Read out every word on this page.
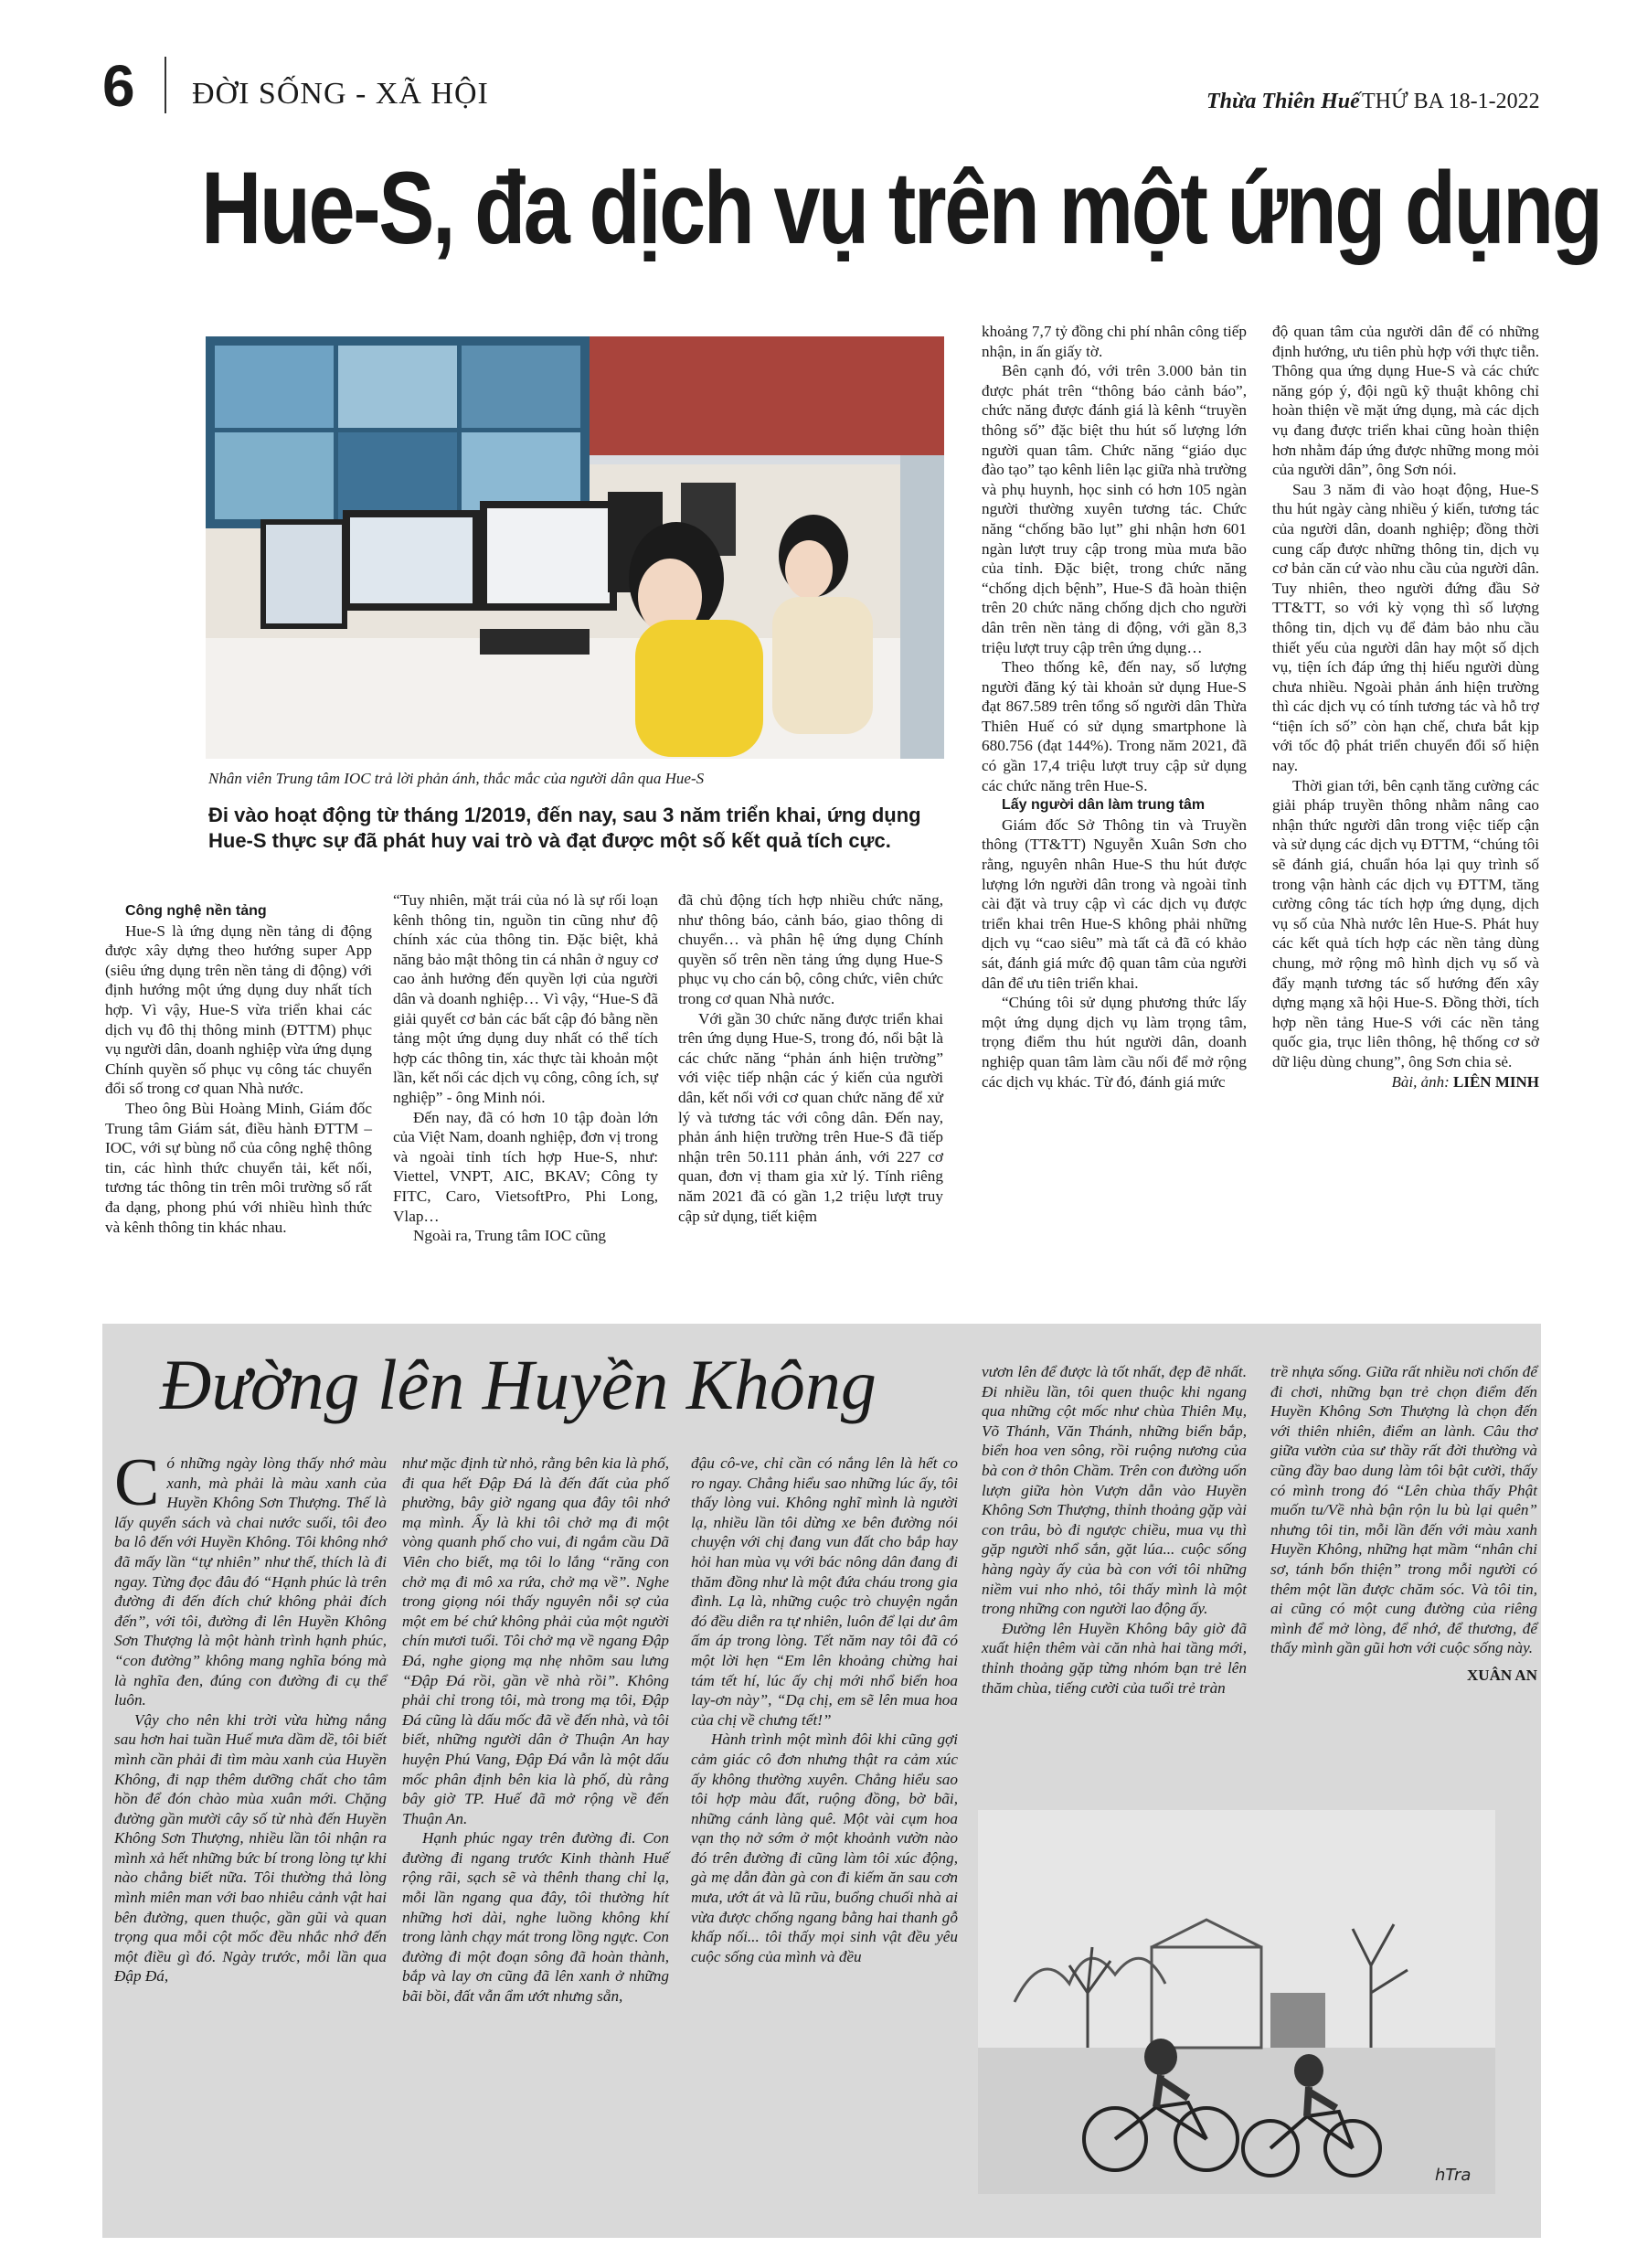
6 ĐỜI SỐNG - XÃ HỘI	Thừa Thiên Huế THỨ BA 18-1-2022
Hue-S, đa dịch vụ trên một ứng dụng
Nhân viên Trung tâm IOC trả lời phản ánh, thắc mắc của người dân qua Hue-S
Đi vào hoạt động từ tháng 1/2019, đến nay, sau 3 năm triển khai, ứng dụng Hue-S thực sự đã phát huy vai trò và đạt được một số kết quả tích cực.

Công nghệ nền tảng

Hue-S là ứng dụng nền tảng di động được xây dựng theo hướng super App (siêu ứng dụng trên nền tảng di động) với định hướng một ứng dụng duy nhất tích hợp. Vì vậy, Hue-S vừa triển khai các dịch vụ đô thị thông minh (ĐTTM) phục vụ người dân, doanh nghiệp vừa ứng dụng Chính quyền số phục vụ công tác chuyển đổi số trong cơ quan Nhà nước.

Theo ông Bùi Hoàng Minh, Giám đốc Trung tâm Giám sát, điều hành ĐTTM – IOC, với sự bùng nổ của công nghệ thông tin, các hình thức chuyển tải, kết nối, tương tác thông tin trên môi trường số rất đa dạng, phong phú với nhiều hình thức và kênh thông tin khác nhau.

“Tuy nhiên, mặt trái của nó là sự rối loạn kênh thông tin, nguồn tin cũng như độ chính xác của thông tin. Đặc biệt, khả năng bảo mật thông tin cá nhân ở nguy cơ cao ảnh hưởng đến quyền lợi của người dân và doanh nghiệp… Vì vậy, “Hue-S đã giải quyết cơ bản các bất cập đó bằng nền tảng một ứng dụng duy nhất có thể tích hợp các thông tin, xác thực tài khoản một lần, kết nối các dịch vụ công, công ích, sự nghiệp” - ông Minh nói.

Đến nay, đã có hơn 10 tập đoàn lớn của Việt Nam, doanh nghiệp, đơn vị trong và ngoài tỉnh tích hợp Hue-S, như: Viettel, VNPT, AIC, BKAV; Công ty FITC, Caro, VietsoftPro, Phi Long, Vlap…

Ngoài ra, Trung tâm IOC cũng

đã chủ động tích hợp nhiều chức năng, như thông báo, cảnh báo, giao thông di chuyển… và phân hệ ứng dụng Chính quyền số trên nền tảng ứng dụng Hue-S phục vụ cho cán bộ, công chức, viên chức trong cơ quan Nhà nước.

Với gần 30 chức năng được triển khai trên ứng dụng Hue-S, trong đó, nổi bật là các chức năng “phản ánh hiện trường” với việc tiếp nhận các ý kiến của người dân, kết nối với cơ quan chức năng để xử lý và tương tác với công dân. Đến nay, phản ánh hiện trường trên Hue-S đã tiếp nhận trên 50.111 phản ánh, với 227 cơ quan, đơn vị tham gia xử lý. Tính riêng năm 2021 đã có gần 1,2 triệu lượt truy cập sử dụng, tiết kiệm

khoảng 7,7 tỷ đồng chi phí nhân công tiếp nhận, in ấn giấy tờ.

Bên cạnh đó, với trên 3.000 bản tin được phát trên “thông báo cảnh báo”, chức năng được đánh giá là kênh “truyền thông số” đặc biệt thu hút số lượng lớn người quan tâm. Chức năng “giáo dục đào tạo” tạo kênh liên lạc giữa nhà trường và phụ huynh, học sinh có hơn 105 ngàn người thường xuyên tương tác. Chức năng “chống bão lụt” ghi nhận hơn 601 ngàn lượt truy cập trong mùa mưa bão của tỉnh. Đặc biệt, trong chức năng “chống dịch bệnh”, Hue-S đã hoàn thiện trên 20 chức năng chống dịch cho người dân trên nền tảng di động, với gần 8,3 triệu lượt truy cập trên ứng dụng…

Theo thống kê, đến nay, số lượng người đăng ký tài khoản sử dụng Hue-S đạt 867.589 trên tổng số người dân Thừa Thiên Huế có sử dụng smartphone là 680.756 (đạt 144%). Trong năm 2021, đã có gần 17,4 triệu lượt truy cập sử dụng các chức năng trên Hue-S.

Lấy người dân làm trung tâm

Giám đốc Sở Thông tin và Truyền thông (TT&TT) Nguyễn Xuân Sơn cho rằng, nguyên nhân Hue-S thu hút được lượng lớn người dân trong và ngoài tỉnh cài đặt và truy cập vì các dịch vụ được triển khai trên Hue-S không phải những dịch vụ “cao siêu” mà tất cả đã có khảo sát, đánh giá mức độ quan tâm của người dân để ưu tiên triển khai.

“Chúng tôi sử dụng phương thức lấy một ứng dụng dịch vụ làm trọng tâm, trọng điểm thu hút người dân, doanh nghiệp quan tâm làm cầu nối để mở rộng các dịch vụ khác. Từ đó, đánh giá mức

độ quan tâm của người dân để có những định hướng, ưu tiên phù hợp với thực tiễn. Thông qua ứng dụng Hue-S và các chức năng góp ý, đội ngũ kỹ thuật không chỉ hoàn thiện về mặt ứng dụng, mà các dịch vụ đang được triển khai cũng hoàn thiện hơn nhằm đáp ứng được những mong mỏi của người dân”, ông Sơn nói.

Sau 3 năm đi vào hoạt động, Hue-S thu hút ngày càng nhiều ý kiến, tương tác của người dân, doanh nghiệp; đồng thời cung cấp được những thông tin, dịch vụ cơ bản căn cứ vào nhu cầu của người dân. Tuy nhiên, theo người đứng đầu Sở TT&TT, so với kỳ vọng thì số lượng thông tin, dịch vụ để đảm bảo nhu cầu thiết yếu của người dân hay một số dịch vụ, tiện ích đáp ứng thị hiếu người dùng chưa nhiều. Ngoài phản ánh hiện trường thì các dịch vụ có tính tương tác và hỗ trợ “tiện ích số” còn hạn chế, chưa bắt kịp với tốc độ phát triển chuyển đổi số hiện nay.

Thời gian tới, bên cạnh tăng cường các giải pháp truyền thông nhằm nâng cao nhận thức người dân trong việc tiếp cận và sử dụng các dịch vụ ĐTTM, “chúng tôi sẽ đánh giá, chuẩn hóa lại quy trình số trong vận hành các dịch vụ ĐTTM, tăng cường công tác tích hợp ứng dụng, dịch vụ số của Nhà nước lên Hue-S. Phát huy các kết quả tích hợp các nền tảng dùng chung, mở rộng mô hình dịch vụ số và đẩy mạnh tương tác số hướng đến xây dựng mạng xã hội Hue-S. Đồng thời, tích hợp nền tảng Hue-S với các nền tảng quốc gia, trục liên thông, hệ thống cơ sở dữ liệu dùng chung”, ông Sơn chia sẻ.

Bài, ảnh: LIÊN MINH
Đường lên Huyền Không

Có những ngày lòng thấy nhớ màu xanh, mà phải là màu xanh của Huyền Không Sơn Thượng. Thế là lấy quyển sách và chai nước suối, tôi đeo ba lô đến với Huyền Không. Tôi không nhớ đã mấy lần “tự nhiên” như thế, thích là đi ngay. Từng đọc đâu đó “Hạnh phúc là trên đường đi đến đích chứ không phải đích đến”, với tôi, đường đi lên Huyền Không Sơn Thượng là một hành trình hạnh phúc, “con đường” không mang nghĩa bóng mà là nghĩa đen, đúng con đường đi cụ thể luôn.

Vậy cho nên khi trời vừa hừng nắng sau hơn hai tuần Huế mưa dầm dề, tôi biết mình cần phải đi tìm màu xanh của Huyền Không, đi nạp thêm dưỡng chất cho tâm hồn để đón chào mùa xuân mới. Chặng đường gần mười cây số từ nhà đến Huyền Không Sơn Thượng, nhiều lần tôi nhận ra mình xả hết những bức bí trong lòng tự khi nào chẳng biết nữa. Tôi thường thả lòng mình miên man với bao nhiêu cảnh vật hai bên đường, quen thuộc, gần gũi và quan trọng qua mỗi cột mốc đều nhắc nhớ đến một điều gì đó. Ngày trước, mỗi lần qua Đập Đá,

như mặc định từ nhỏ, rằng bên kia là phố, đi qua hết Đập Đá là đến đất của phố phường, bây giờ ngang qua đây tôi nhớ mạ mình. Ấy là khi tôi chở mạ đi một vòng quanh phố cho vui, đi ngắm cầu Dã Viên cho biết, mạ tôi lo lắng “răng con chở mạ đi mô xa rứa, chở mạ về”. Nghe trong giọng nói thấy nguyên nỗi sợ của một em bé chứ không phải của một người chín mươi tuổi. Tôi chở mạ về ngang Đập Đá, nghe giọng mạ nhẹ nhõm sau lưng “Đập Đá rồi, gần về nhà rồi”. Không phải chỉ trong tôi, mà trong mạ tôi, Đập Đá cũng là dấu mốc đã về đến nhà, và tôi biết, những người dân ở Thuận An hay huyện Phú Vang, Đập Đá vẫn là một dấu mốc phân định bên kia là phố, dù rằng bây giờ TP. Huế đã mở rộng về đến Thuận An.

Hạnh phúc ngay trên đường đi. Con đường đi ngang trước Kinh thành Huế rộng rãi, sạch sẽ và thênh thang chỉ lạ, mỗi lần ngang qua đây, tôi thường hít những hơi dài, nghe luồng không khí trong lành chạy mát trong lồng ngực. Con đường đi một đoạn sông đã hoàn thành, bắp và lay ơn cũng đã lên xanh ở những bãi bồi, đất vẫn ẩm ướt nhưng sẵn,

đậu cô-ve, chỉ cần có nắng lên là hết co ro ngay. Chẳng hiểu sao những lúc ấy, tôi thấy lòng vui. Không nghĩ mình là người lạ, nhiều lần tôi dừng xe bên đường nói chuyện với chị đang vun đất cho bắp hay hỏi han mùa vụ với bác nông dân đang đi thăm đồng như là một đứa cháu trong gia đình. Lạ là, những cuộc trò chuyện ngắn đó đều diễn ra tự nhiên, luôn để lại dư âm ấm áp trong lòng. Tết năm nay tôi đã có một lời hẹn “Em lên khoảng chừng hai tám tết hí, lúc ấy chị mới nhổ biển hoa lay-ơn này”, “Dạ chị, em sẽ lên mua hoa của chị về chưng tết!”

Hành trình một mình đôi khi cũng gợi cảm giác cô đơn nhưng thật ra cảm xúc ấy không thường xuyên. Chẳng hiểu sao tôi hợp màu đất, ruộng đồng, bờ bãi, những cánh làng quê. Một vài cụm hoa vạn thọ nở sớm ở một khoảnh vườn nào đó trên đường đi cũng làm tôi xúc động, gà mẹ dẫn đàn gà con đi kiếm ăn sau cơn mưa, ướt át và lũ rũu, buổng chuối nhà ai vừa được chống ngang bằng hai thanh gỗ khấp nối... tôi thấy mọi sinh vật đều yêu cuộc sống của mình và đều

vươn lên để được là tốt nhất, đẹp đẽ nhất. Đi nhiều lần, tôi quen thuộc khi ngang qua những cột mốc như chùa Thiên Mụ, Võ Thánh, Văn Thánh, những biển bắp, biển hoa ven sông, rồi ruộng nương của bà con ở thôn Chầm. Trên con đường uốn lượn giữa hòn Vượn dẫn vào Huyền Không Sơn Thượng, thỉnh thoảng gặp vài con trâu, bò đi ngược chiều, mua vụ thì gặp người nhổ sắn, gặt lúa... cuộc sống hàng ngày ấy của bà con với tôi những niềm vui nho nhỏ, tôi thấy mình là một trong những con người lao động ấy.

Đường lên Huyền Không bây giờ đã xuất hiện thêm vài căn nhà hai tầng mới, thỉnh thoảng gặp từng nhóm bạn trẻ lên thăm chùa, tiếng cười của tuổi trẻ tràn

trề nhựa sống. Giữa rất nhiều nơi chốn để đi chơi, những bạn trẻ chọn điểm đến Huyền Không Sơn Thượng là chọn đến với thiên nhiên, điểm an lành. Câu thơ giữa vườn của sư thầy rất đời thường và cũng đầy bao dung làm tôi bật cười, thấy có mình trong đó “Lên chùa thấy Phật muốn tu/Về nhà bận rộn lu bù lại quên” nhưng tôi tin, mỗi lần đến với màu xanh Huyền Không, những hạt mầm “nhân chi sơ, tánh bổn thiện” trong mỗi người có thêm một lần được chăm sóc. Và tôi tin, ai cũng có một cung đường của riêng mình để mở lòng, để nhớ, để thương, để thấy mình gần gũi hơn với cuộc sống này.

XUÂN AN
hTra
